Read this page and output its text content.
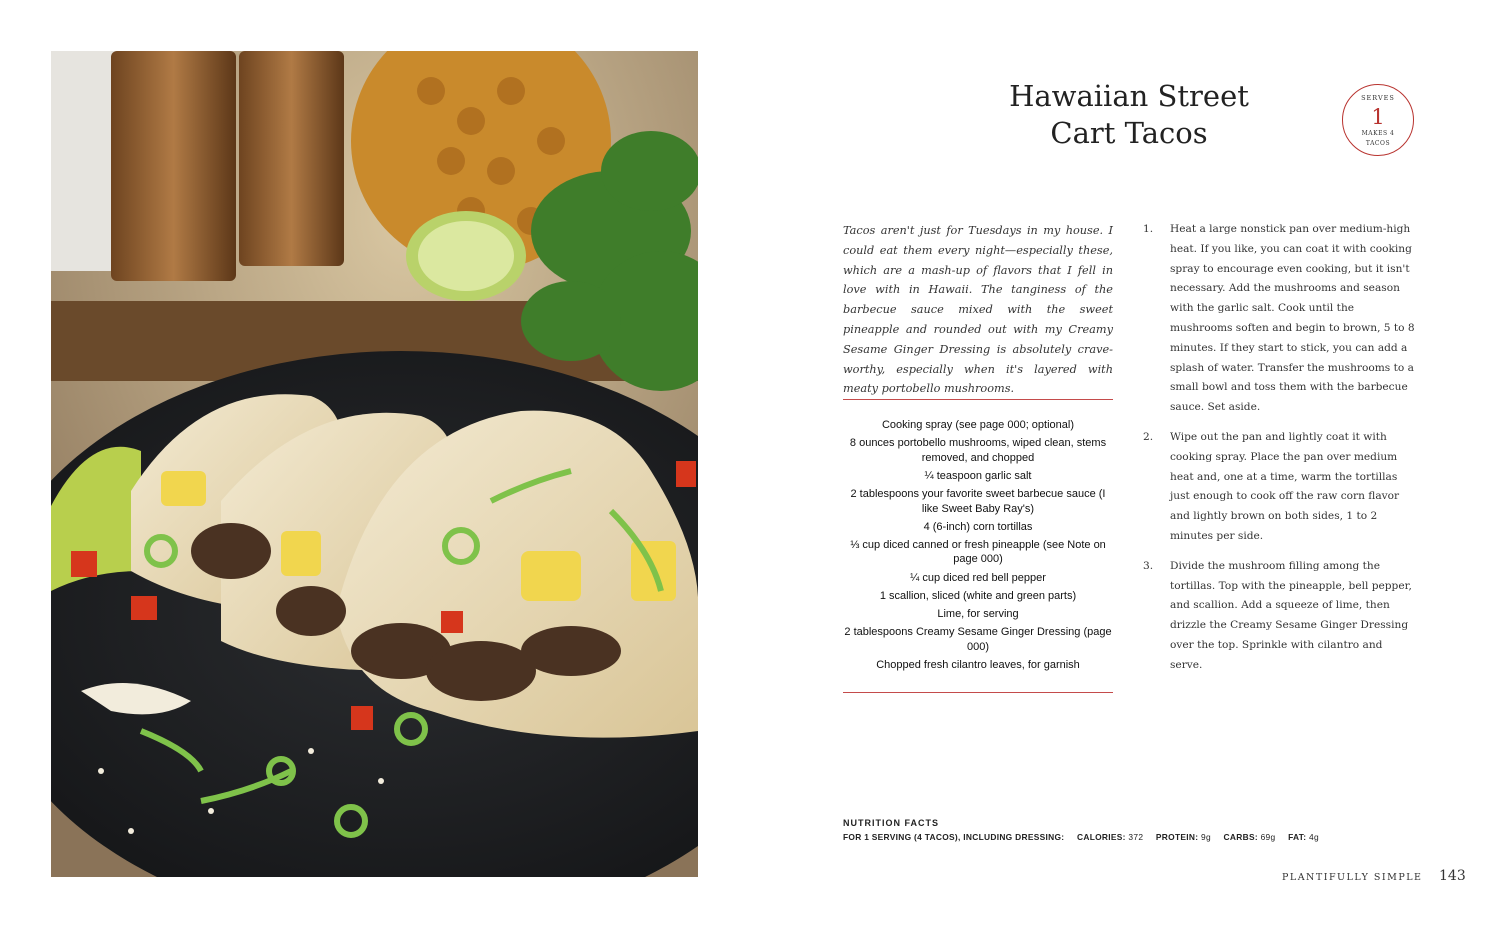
Hawaiian Street
Cart Tacos
SERVES
1
MAKES 4
TACOS

Tacos aren't just for Tuesdays in my house. I could eat them every night—especially these, which are a mash-up of flavors that I fell in love with in Hawaii. The tanginess of the barbecue sauce mixed with the sweet pineapple and rounded out with my Creamy Sesame Ginger Dressing is absolutely crave-worthy, especially when it's layered with meaty portobello mushrooms.

Cooking spray (see page 000; optional)
8 ounces portobello mushrooms, wiped clean, stems removed, and chopped
¼ teaspoon garlic salt
2 tablespoons your favorite sweet barbecue sauce (I like Sweet Baby Ray's)
4 (6-inch) corn tortillas
⅓ cup diced canned or fresh pineapple (see Note on page 000)
¼ cup diced red bell pepper
1 scallion, sliced (white and green parts)
Lime, for serving
2 tablespoons Creamy Sesame Ginger Dressing (page 000)
Chopped fresh cilantro leaves, for garnish
1. Heat a large nonstick pan over medium-high heat. If you like, you can coat it with cooking spray to encourage even cooking, but it isn't necessary. Add the mushrooms and season with the garlic salt. Cook until the mushrooms soften and begin to brown, 5 to 8 minutes. If they start to stick, you can add a splash of water. Transfer the mushrooms to a small bowl and toss them with the barbecue sauce. Set aside.
2. Wipe out the pan and lightly coat it with cooking spray. Place the pan over medium heat and, one at a time, warm the tortillas just enough to cook off the raw corn flavor and lightly brown on both sides, 1 to 2 minutes per side.
3. Divide the mushroom filling among the tortillas. Top with the pineapple, bell pepper, and scallion. Add a squeeze of lime, then drizzle the Creamy Sesame Ginger Dressing over the top. Sprinkle with cilantro and serve.
NUTRITION FACTS
FOR 1 SERVING (4 TACOS), INCLUDING DRESSING: CALORIES: 372 PROTEIN: 9g CARBS: 69g FAT: 4g
PLANTIFULLY SIMPLE 143
